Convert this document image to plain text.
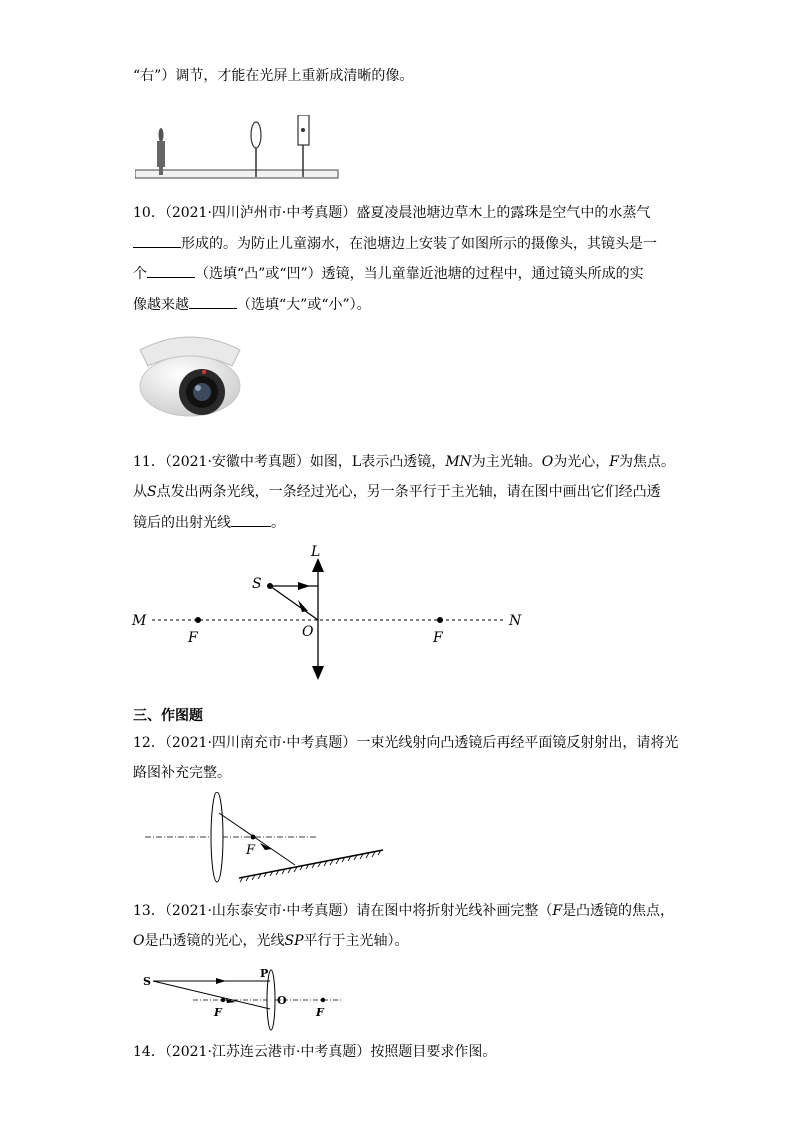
“右”）调节，才能在光屏上重新成清晰的像。
10．（2021·四川泸州市·中考真题）盛夏凌晨池塘边草木上的露珠是空气中的水蒸气
形成的。为防止儿童溺水，在池塘边上安装了如图所示的摄像头，其镜头是一
个	（选填“凸”或“凹”）透镜，当儿童靠近池塘的过程中，通过镜头所成的实
像越来越	（选填“大”或“小”）。
11．（2021·安徽中考真题）如图，L表示凸透镜，MN为主光轴。O为光心，F为焦点。
从S点发出两条光线，一条经过光心，另一条平行于主光轴，请在图中画出它们经凸透
镜后的出射光线	。
L
S
M	N
O
F	F
三、作图题
12．（2021·四川南充市·中考真题）一束光线射向凸透镜后再经平面镜反射射出，请将光
路图补充完整。
F
13．（2021·山东泰安市·中考真题）请在图中将折射光线补画完整（F是凸透镜的焦点，
O是凸透镜的光心，光线SP平行于主光轴）。
S
P
O
F	F
14．（2021·江苏连云港市·中考真题）按照题目要求作图。
